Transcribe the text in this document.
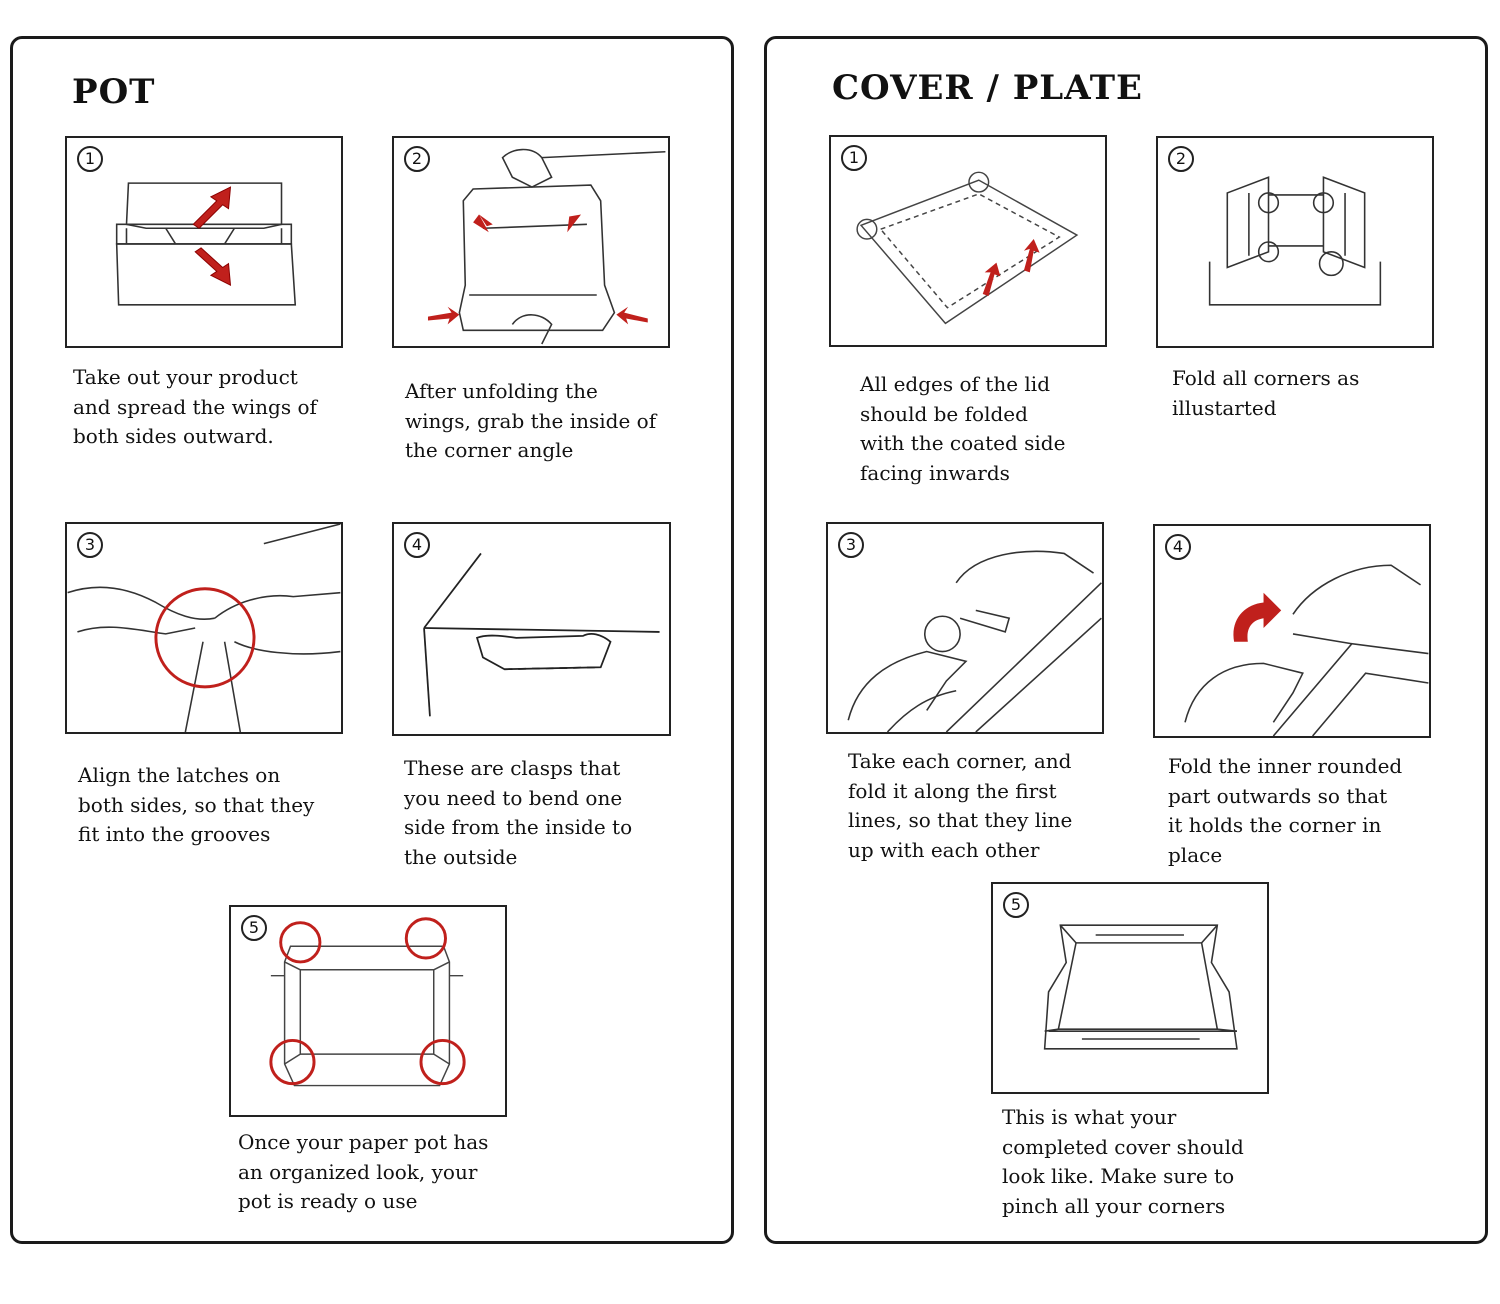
POT
1
Take out your product
and spread the wings of
both sides outward.
2
After unfolding the
wings, grab the inside of
the corner angle
3
Align the latches on
both sides, so that they
fit into the grooves
4
These are clasps that
you need to bend one
side from the inside to
the outside
5
Once your paper pot has
an organized look, your
pot is ready o use
COVER / PLATE
1
All edges of the lid
should be folded
with the coated side
facing inwards
2
Fold all corners as
illustarted
3
Take each corner, and
fold it along the first
lines, so that they line
up with each other
4
Fold the inner rounded
part outwards so that
it holds the corner in
place
5
This is what your
completed cover should
look like. Make sure to
pinch all your corners
